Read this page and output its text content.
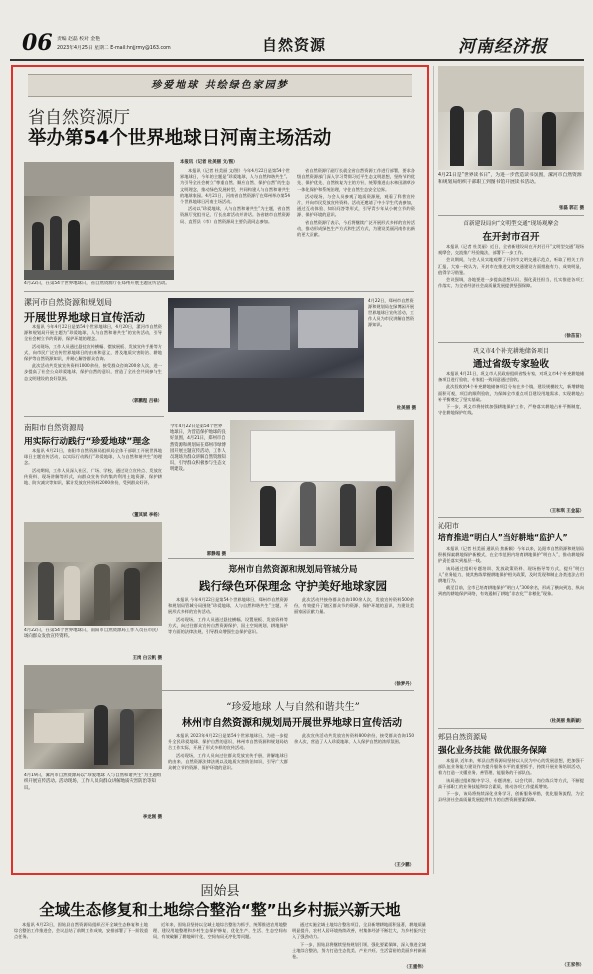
06 责编 赵磊 校对 金艳
2023年4月25日 星期二 E-mail:hnjjrmy@163.com	自然资源	河南经济报
珍爱地球 共绘绿色家园梦
省自然资源厅
举办第54个世界地球日河南主场活动
4月22日，在第54个世界地球日，省自然资源厅在郑州开展主题宣传活动。

本报讯（记者 杜美丽 文/图）今年4月22日是第54个世界地球日，今年的主题是“珍爱地球，人与自然和谐共生”。为引导全社会树立“尊重自然、顺应自然、保护自然”的生态文明理念，推动绿色发展转型，共同构建人与自然和谐共生的地球家园。4月21日，河南省自然资源厅在郑州举办第54个世界地球日河南主场活动。

活动以“珍爱地球，人与自然和谐共生”为主题，省自然资源厅党组书记、厅长出席活动并讲话。各省辖市自然资源局、直管县（市）自然资源局主要负责同志参加。

省自然资源厅副厅长就全省自然资源工作进行部署，要求各级自然资源部门深入学习贯彻习近平生态文明思想，坚持节约优先、保护优先、自然恢复为主的方针，统筹推进山水林田湖草沙一体化保护和系统治理，守住自然生态安全边界。

活动现场，与会人员参观了地质资源展，观看了科普宣传片，并向市民发放宣传资料。活动还邀请了中小学生代表参加，通过互动体验、知识问答等形式，引导青少年从小树立节约资源、保护环境的意识。

省自然资源厅表示，今后将继续广泛开展形式多样的宣传活动，推动形成绿色生产方式和生活方式，为建设美丽河南作出新的更大贡献。

本报讯（记者 杜美丽 文/图）
漯河市自然资源和规划局
开展世界地球日宣传活动

本报讯 今年4月22日是第54个世界地球日，4月20日，漯河市自然资源和规划局开展主题为“珍爱地球，人与自然和谐共生”的宣传活动，引导全社会树立节约资源、保护环境的理念。

活动现场，工作人员通过悬挂宣传横幅、摆放展板、发放宣传手册等方式，向市民广泛宣传世界地球日的由来和意义，普及地质灾害防治、耕地保护等自然资源知识，并耐心解答群众咨询。

此次活动共发放宣传资料1000余份，接受群众咨询200余人次，进一步提高了社会公众珍爱地球、保护自然的意识，营造了全社会共同参与生态文明建设的良好氛围。

（郭鹏程 吕禄）
4月22日，郑州市自然资源和规划局在绿博园开展世界地球日宣传活动，工作人员为市民讲解自然资源知识。
杜美丽 摄
南阳市自然资源局
用实际行动践行“珍爱地球”理念

本报讯 4月21日，南阳市自然资源局组织局全体干部职工开展世界地球日主题宣传活动，以实际行动践行“珍爱地球，人与自然和谐共生”的理念。

活动期间，工作人员深入社区、广场、学校，通过设立宣传点、发放宣传资料、现场讲解等形式，向群众宣传节约集约利用土地资源、保护耕地、防灾减灾等知识，累计发放宣传资料2000余份，受到群众好评。

（董其斌 李杨）
4月22日，在第54个世界地球日，南阳市自然资源局工作人员在市民广场向群众发放宣传资料。
王岗 白云帆 摄
今年4月22日是第54个世界地球日，为营造保护地球的良好氛围，4月21日，郑州市自然资源和规划局在郑州市绿博园开展主题宣传活动，工作人员现场为群众讲解自然资源知识，引导群众积极参与生态文明建设。
郭静超 摄
郑州市自然资源和规划局管城分局
践行绿色环保理念 守护美好地球家园

本报讯 今年4月22日是第54个世界地球日，郑州市自然资源和规划局管城分局围绕“珍爱地球，人与自然和谐共生”主题，开展形式多样的宣传活动。

活动现场，工作人员通过悬挂横幅、设置展板、发放资料等方式，向过往群众宣传自然资源保护、国土空间规划、耕地保护等方面的法律法规，引导群众增强生态保护意识。

此次活动共接待群众咨询100余人次，发放宣传资料500余份，有效提升了辖区群众节约资源、保护环境的意识，为建设美丽家园贡献力量。

（徐梦丹）
4月19日，漯河市自然资源局以“珍爱地球 人与自然和谐共生”为主题组织开展宣传活动。活动现场，工作人员向群众讲解地质灾害防治等知识。
李龙刚 摄
“珍爱地球 人与自然和谐共生”
林州市自然资源和规划局开展世界地球日宣传活动

本报讯 2023年4月22日是第54个世界地球日，为进一步提升全民珍爱地球、保护自然的意识，林州市自然资源和规划局结合工作实际，开展了形式多样的宣传活动。

活动现场，工作人员向过往群众发放宣传手册，讲解地球日的由来、自然资源法律法规以及地质灾害防治知识，引导广大群众树立节约资源、保护环境的意识。

此次宣传活动共发放宣传资料800余份，接受群众咨询150余人次，营造了人人珍爱地球、人人保护自然的浓厚氛围。

（王少鹏）
4月21日是“世界读书日”，为进一步营造读书氛围，漯河市自然资源和规划局组织干部职工到图书馆开展读书活动。
张磊 郭正 摄
首新建设局向“文明型交通”现场观摩会
在开封市召开

本报讯（记者 杜美丽）近日，全省新建设局在开封召开“文明型交通”现场观摩会，交流推广经验做法，部署下一步工作。

会议期间，与会人员实地观摩了开封市文明交通示范点，听取了相关工作汇报，大家一致认为，开封市在推进文明交通建设方面措施有力、成效明显，值得学习借鉴。

会议强调，各地要进一步提高思想认识，强化责任担当，扎实推进各项工作落实，为全省经济社会高质量发展提供坚强保障。

（徐苗苗）
巩义市4个补充耕地储备项目
通过省级专家验收

本报讯 4月21日，巩义市人民政府组织省级专家，对巩义市4个补充耕地储备项目进行验收，专家组一致同意通过验收。

此次验收的4个补充耕地储备项目分布在多个镇，建设规模较大，新增耕地面积可观，项目的顺利验收，为保障全市重点项目建设用地需求、实现耕地占补平衡奠定了坚实基础。

下一步，巩义市将持续加强耕地保护工作，严格落实耕地占补平衡制度，守住耕地保护红线。

（王和琪 王金蕊）
沁阳市
培育推进“明白人”当好耕地“监护人”

本报讯（记者 杜美丽 通讯员 焦新颖）今年以来，沁阳市自然资源和规划局积极探索耕地保护新模式，在全市范围内培育耕地保护“明白人”，推动耕地保护责任落实到基层一线。

该局通过组织专题培训、发放政策资料、现场指导等方式，提升“明白人”业务能力，使其熟练掌握耕地保护相关政策，及时发现和制止各类违法占用耕地行为。

截至目前，全市已培育耕地保护“明白人”300余名，形成了横向到边、纵向到底的耕地保护网络，有效遏制了耕地“非农化”“非粮化”现象。

（杜美丽 焦新颖）
郏县自然资源局
强化业务技能 做优服务保障

本报讯 近年来，郏县自然资源局坚持以人民为中心的发展思想，把加强干部队伍业务能力建设作为提升服务水平的重要抓手，持续开展业务培训活动，着力打造一支懂业务、善管理、能服务的干部队伍。

该局通过组织集中学习、专题讲座、以会代训、岗位练兵等方式，不断提高干部职工的业务技能和综合素质，推动各项工作提质增效。

下一步，该局将持续深化业务学习，创新服务举措，优化服务流程，为全县经济社会高质量发展提供有力的自然资源要素保障。

（王家伟）
固始县
全域生态修复和土地综合整治“整”出乡村振兴新天地

本报讯 4月23日，固始县自然资源局组织召开全域生态修复和土地综合整治工作推进会，会议总结了前期工作成效，安排部署了下一阶段重点任务。

近年来，固始县坚持以全域土地综合整治为抓手，统筹推进农用地整理、建设用地整理和乡村生态保护修复，优化生产、生活、生态空间布局，有效破解了耕地碎片化、空间布局无序化等问题。

通过实施全域土地综合整治项目，全县新增耕地面积显著，耕地质量明显提升，农村人居环境持续改善，村集体经济不断壮大，为乡村振兴注入了强劲动力。

下一步，固始县将继续坚持规划引领，强化要素保障，深入推进全域土地综合整治，努力打造生态优美、产业兴旺、生活富裕的美丽乡村新画卷。

（王重伟）
